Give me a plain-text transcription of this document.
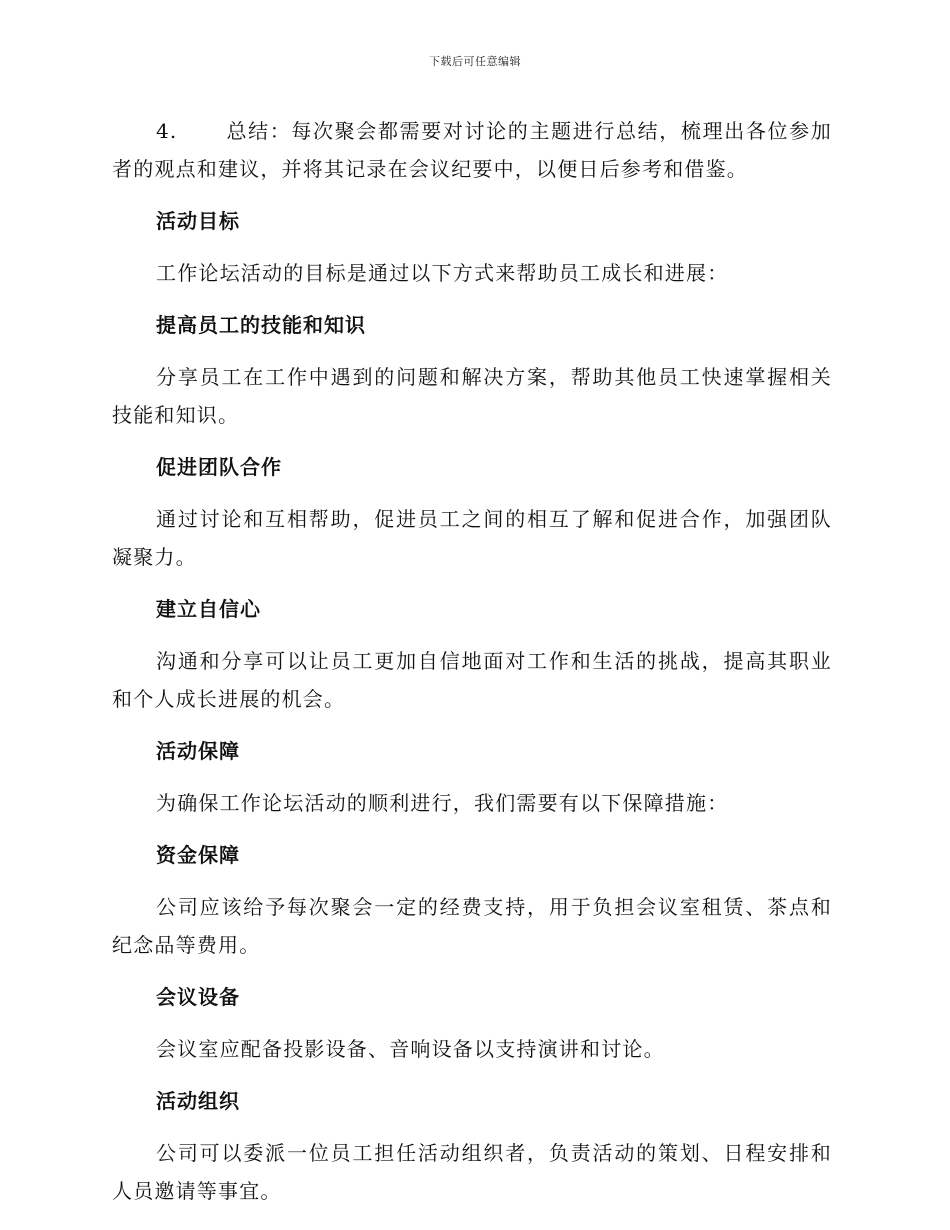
下载后可任意编辑

4. 总结：每次聚会都需要对讨论的主题进行总结，梳理出各位参加者的观点和建议，并将其记录在会议纪要中，以便日后参考和借鉴。

活动目标

工作论坛活动的目标是通过以下方式来帮助员工成长和进展：

提高员工的技能和知识

分享员工在工作中遇到的问题和解决方案，帮助其他员工快速掌握相关技能和知识。

促进团队合作

通过讨论和互相帮助，促进员工之间的相互了解和促进合作，加强团队凝聚力。

建立自信心

沟通和分享可以让员工更加自信地面对工作和生活的挑战，提高其职业和个人成长进展的机会。

活动保障

为确保工作论坛活动的顺利进行，我们需要有以下保障措施：

资金保障

公司应该给予每次聚会一定的经费支持，用于负担会议室租赁、茶点和纪念品等费用。

会议设备

会议室应配备投影设备、音响设备以支持演讲和讨论。

活动组织

公司可以委派一位员工担任活动组织者，负责活动的策划、日程安排和人员邀请等事宜。
